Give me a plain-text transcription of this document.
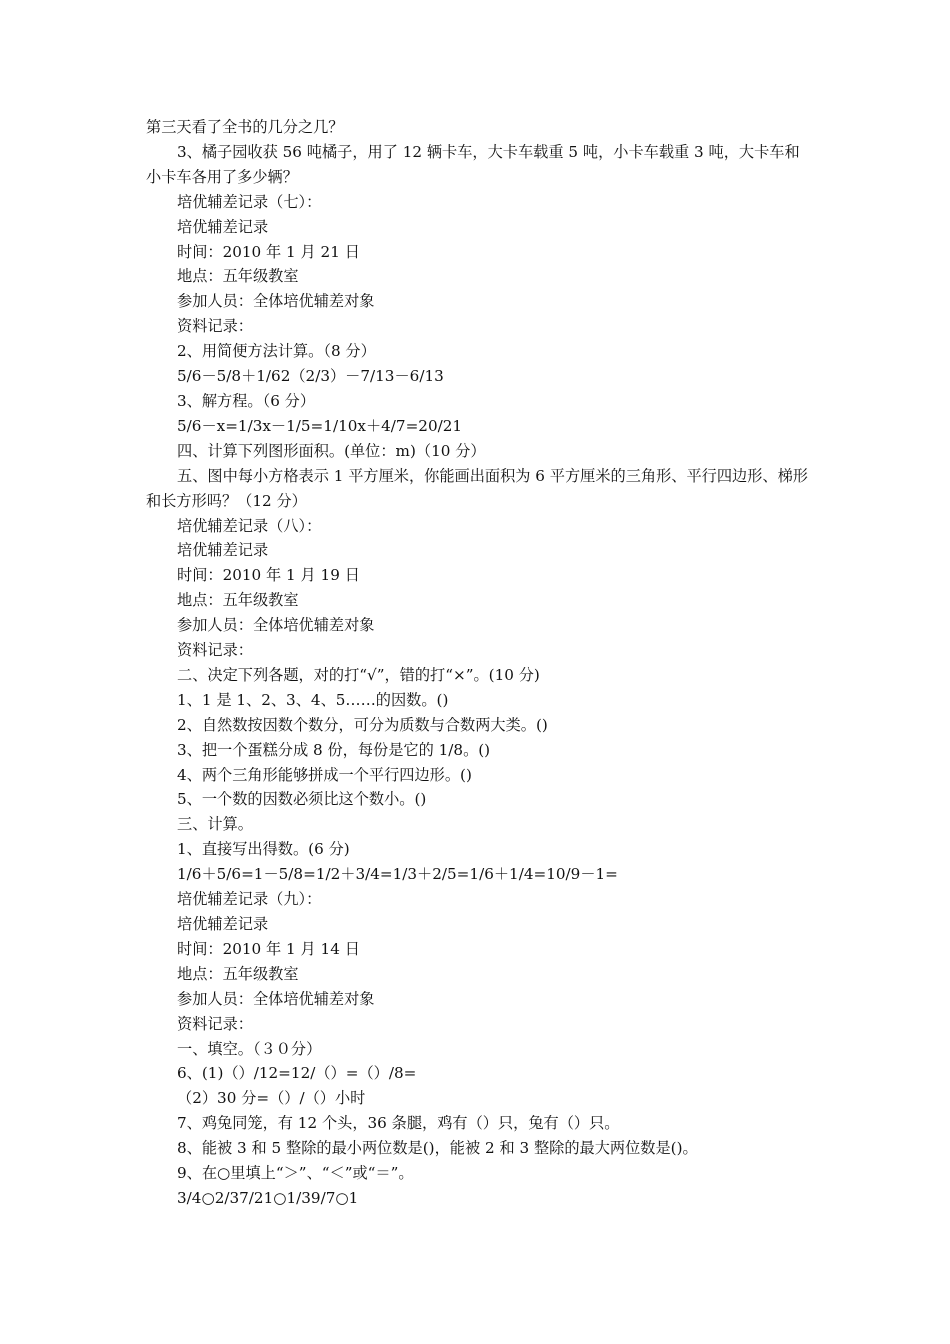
第三天看了全书的几分之几？

3、橘子园收获 56 吨橘子，用了 12 辆卡车，大卡车载重 5 吨，小卡车载重 3 吨，大卡车和小卡车各用了多少辆？

培优辅差记录（七）：

培优辅差记录

时间：2010 年 1 月 21 日

地点：五年级教室

参加人员：全体培优辅差对象

资料记录：

2、用简便方法计算。（8 分）

5/6－5/8＋1/62（2/3）－7/13－6/13

3、解方程。（6 分）

5/6－x=1/3x－1/5=1/10x＋4/7=20/21

四、计算下列图形面积。(单位：m)（10 分）

五、图中每小方格表示 1 平方厘米，你能画出面积为 6 平方厘米的三角形、平行四边形、梯形和长方形吗？（12 分）

培优辅差记录（八）：

培优辅差记录

时间：2010 年 1 月 19 日

地点：五年级教室

参加人员：全体培优辅差对象

资料记录：

二、决定下列各题，对的打“√”，错的打“×”。(10 分)

1、1 是 1、2、3、4、5……的因数。()

2、自然数按因数个数分，可分为质数与合数两大类。()

3、把一个蛋糕分成 8 份，每份是它的 1/8。()

4、两个三角形能够拼成一个平行四边形。()

5、一个数的因数必须比这个数小。()

三、计算。

1、直接写出得数。(6 分)

1/6＋5/6=1－5/8=1/2＋3/4=1/3＋2/5=1/6＋1/4=10/9－1=

培优辅差记录（九）：

培优辅差记录

时间：2010 年 1 月 14 日

地点：五年级教室

参加人员：全体培优辅差对象

资料记录：

一、填空。（３０分）

6、(1)（）/12=12/（）=（）/8=

（2）30 分=（）/（）小时

7、鸡兔同笼，有 12 个头，36 条腿，鸡有（）只，兔有（）只。

8、能被 3 和 5 整除的最小两位数是()，能被 2 和 3 整除的最大两位数是()。

9、在○里填上“＞”、“＜”或“＝”。

3/4○2/37/21○1/39/7○1
